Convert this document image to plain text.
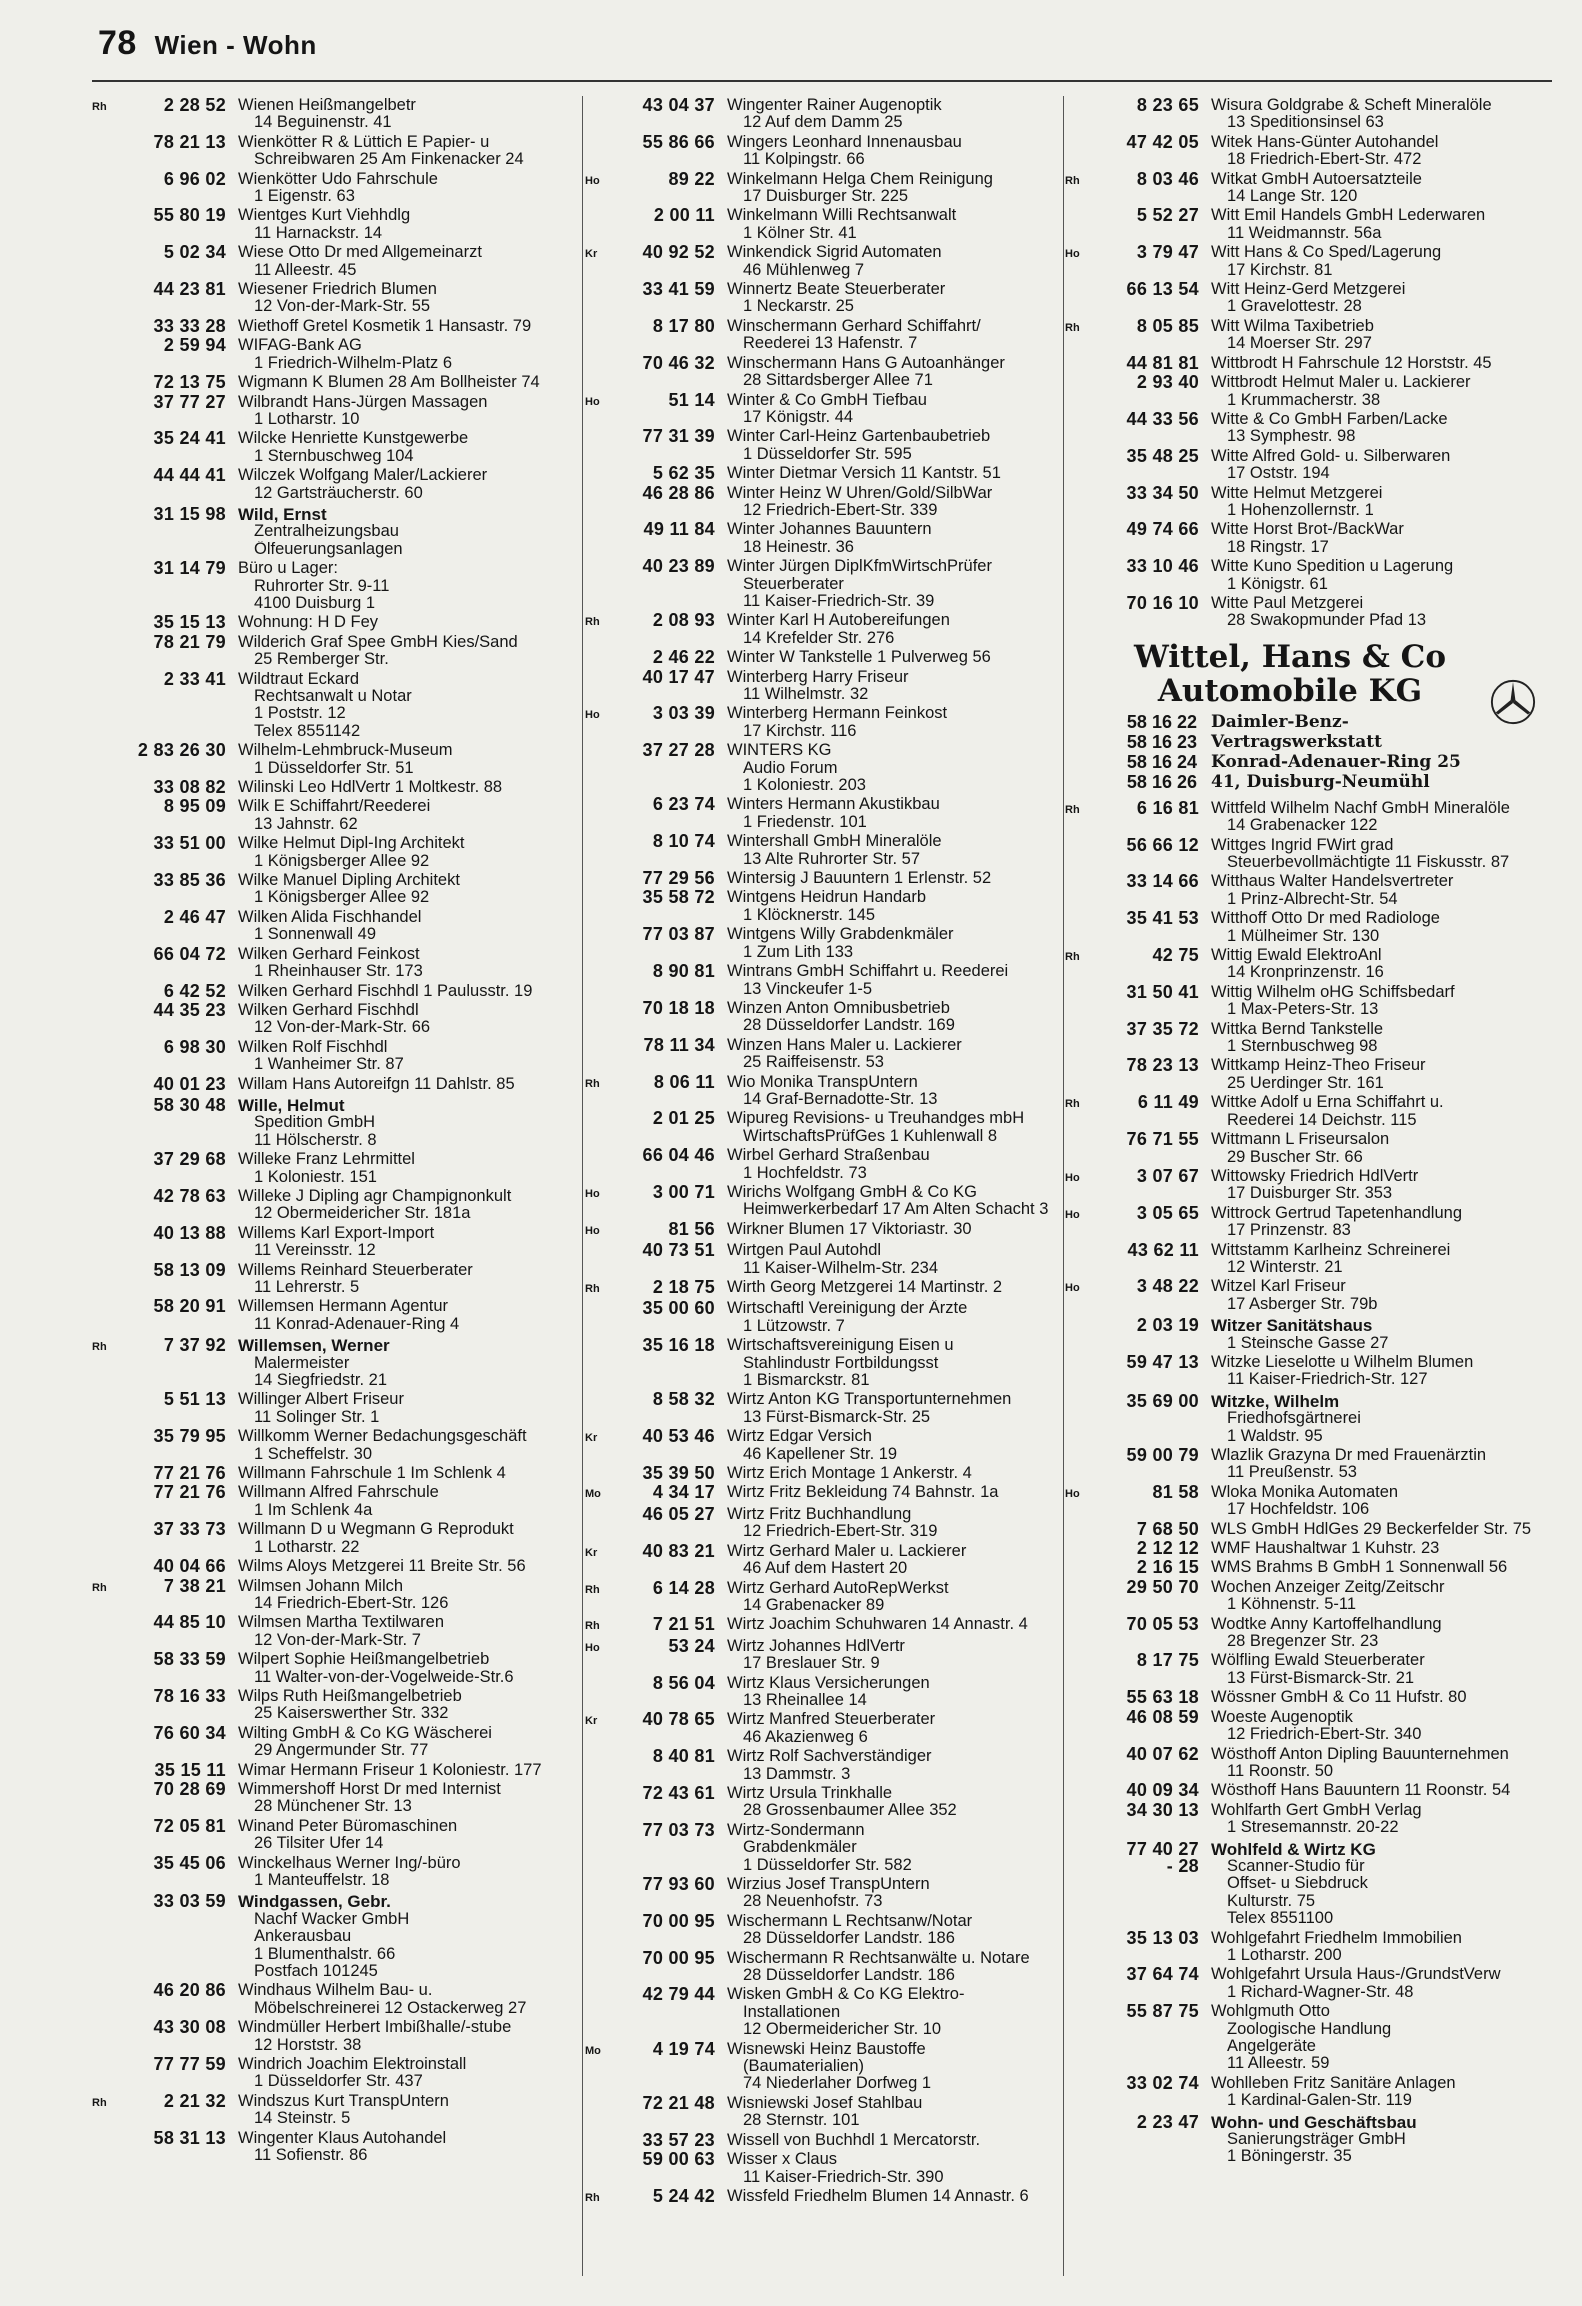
78 Wien - Wohn
Rh	2 28 52 Wienen Heißmangelbetr
14 Beguinenstr. 41
78 21 13 Wienkötter R & Lüttich E Papier- u
Schreibwaren 25 Am Finkenacker 24
6 96 02 Wienkötter Udo Fahrschule
1 Eigenstr. 63
55 80 19 Wientges Kurt Viehhdlg
11 Harnackstr. 14
5 02 34 Wiese Otto Dr med Allgemeinarzt
11 Alleestr. 45
44 23 81 Wiesener Friedrich Blumen
12 Von-der-Mark-Str. 55
33 33 28 Wiethoff Gretel Kosmetik 1 Hansastr. 79
2 59 94 WIFAG-Bank AG
1 Friedrich-Wilhelm-Platz 6
72 13 75 Wigmann K Blumen 28 Am Bollheister 74
37 77 27 Wilbrandt Hans-Jürgen Massagen
1 Lotharstr. 10
35 24 41 Wilcke Henriette Kunstgewerbe
1 Sternbuschweg 104
44 44 41 Wilczek Wolfgang Maler/Lackierer
12 Gartsträucherstr. 60
31 15 98 Wild, Ernst
Zentralheizungsbau
Ölfeuerungsanlagen
31 14 79 Büro u Lager:
Ruhrorter Str. 9-11
4100 Duisburg 1
35 15 13 Wohnung: H D Fey
78 21 79 Wilderich Graf Spee GmbH Kies/Sand
25 Remberger Str.
2 33 41 Wildtraut Eckard
Rechtsanwalt u Notar
1 Poststr. 12
Telex 8551142
2 83 26 30 Wilhelm-Lehmbruck-Museum
1 Düsseldorfer Str. 51
33 08 82 Wilinski Leo HdlVertr 1 Moltkestr. 88
8 95 09 Wilk E Schiffahrt/Reederei
13 Jahnstr. 62
33 51 00 Wilke Helmut Dipl-Ing Architekt
1 Königsberger Allee 92
33 85 36 Wilke Manuel Dipling Architekt
1 Königsberger Allee 92
2 46 47 Wilken Alida Fischhandel
1 Sonnenwall 49
66 04 72 Wilken Gerhard Feinkost
1 Rheinhauser Str. 173
6 42 52 Wilken Gerhard Fischhdl 1 Paulusstr. 19
44 35 23 Wilken Gerhard Fischhdl
12 Von-der-Mark-Str. 66
6 98 30 Wilken Rolf Fischhdl
1 Wanheimer Str. 87
40 01 23 Willam Hans Autoreifgn 11 Dahlstr. 85
58 30 48 Wille, Helmut
Spedition GmbH
11 Hölscherstr. 8
37 29 68 Willeke Franz Lehrmittel
1 Koloniestr. 151
42 78 63 Willeke J Dipling agr Champignonkult
12 Obermeidericher Str. 181a
40 13 88 Willems Karl Export-Import
11 Vereinsstr. 12
58 13 09 Willems Reinhard Steuerberater
11 Lehrerstr. 5
58 20 91 Willemsen Hermann Agentur
11 Konrad-Adenauer-Ring 4
Rh	7 37 92 Willemsen, Werner
Malermeister
14 Siegfriedstr. 21
5 51 13 Willinger Albert Friseur
11 Solinger Str. 1
35 79 95 Willkomm Werner Bedachungsgeschäft
1 Scheffelstr. 30
77 21 76 Willmann Fahrschule 1 Im Schlenk 4
77 21 76 Willmann Alfred Fahrschule
1 Im Schlenk 4a
37 33 73 Willmann D u Wegmann G Reprodukt
1 Lotharstr. 22
40 04 66 Wilms Aloys Metzgerei 11 Breite Str. 56
Rh	7 38 21 Wilmsen Johann Milch
14 Friedrich-Ebert-Str. 126
44 85 10 Wilmsen Martha Textilwaren
12 Von-der-Mark-Str. 7
58 33 59 Wilpert Sophie Heißmangelbetrieb
11 Walter-von-der-Vogelweide-Str.6
78 16 33 Wilps Ruth Heißmangelbetrieb
25 Kaiserswerther Str. 332
76 60 34 Wilting GmbH & Co KG Wäscherei
29 Angermunder Str. 77
35 15 11 Wimar Hermann Friseur 1 Koloniestr. 177
70 28 69 Wimmershoff Horst Dr med Internist
28 Münchener Str. 13
72 05 81 Winand Peter Büromaschinen
26 Tilsiter Ufer 14
35 45 06 Winckelhaus Werner Ing/-büro
1 Manteuffelstr. 18
33 03 59 Windgassen, Gebr.
Nachf Wacker GmbH
Ankerausbau
1 Blumenthalstr. 66
Postfach 101245
46 20 86 Windhaus Wilhelm Bau- u.
Möbelschreinerei 12 Ostackerweg 27
43 30 08 Windmüller Herbert Imbißhalle/-stube
12 Horststr. 38
77 77 59 Windrich Joachim Elektroinstall
1 Düsseldorfer Str. 437
Rh	2 21 32 Windszus Kurt TranspUntern
14 Steinstr. 5
58 31 13 Wingenter Klaus Autohandel
11 Sofienstr. 86
43 04 37 Wingenter Rainer Augenoptik
12 Auf dem Damm 25
55 86 66 Wingers Leonhard Innenausbau
11 Kolpingstr. 66
Ho	89 22 Winkelmann Helga Chem Reinigung
17 Duisburger Str. 225
2 00 11 Winkelmann Willi Rechtsanwalt
1 Kölner Str. 41
Kr	40 92 52 Winkendick Sigrid Automaten
46 Mühlenweg 7
33 41 59 Winnertz Beate Steuerberater
1 Neckarstr. 25
8 17 80 Winschermann Gerhard Schiffahrt/
Reederei 13 Hafenstr. 7
70 46 32 Winschermann Hans G Autoanhänger
28 Sittardsberger Allee 71
Ho	51 14 Winter & Co GmbH Tiefbau
17 Königstr. 44
77 31 39 Winter Carl-Heinz Gartenbaubetrieb
1 Düsseldorfer Str. 595
5 62 35 Winter Dietmar Versich 11 Kantstr. 51
46 28 86 Winter Heinz W Uhren/Gold/SilbWar
12 Friedrich-Ebert-Str. 339
49 11 84 Winter Johannes Bauuntern
18 Heinestr. 36
40 23 89 Winter Jürgen DiplKfmWirtschPrüfer
Steuerberater
11 Kaiser-Friedrich-Str. 39
Rh	2 08 93 Winter Karl H Autobereifungen
14 Krefelder Str. 276
2 46 22 Winter W Tankstelle 1 Pulverweg 56
40 17 47 Winterberg Harry Friseur
11 Wilhelmstr. 32
Ho	3 03 39 Winterberg Hermann Feinkost
17 Kirchstr. 116
37 27 28 WINTERS KG
Audio Forum
1 Koloniestr. 203
6 23 74 Winters Hermann Akustikbau
1 Friedenstr. 101
8 10 74 Wintershall GmbH Mineralöle
13 Alte Ruhrorter Str. 57
77 29 56 Wintersig J Bauuntern 1 Erlenstr. 52
35 58 72 Wintgens Heidrun Handarb
1 Klöcknerstr. 145
77 03 87 Wintgens Willy Grabdenkmäler
1 Zum Lith 133
8 90 81 Wintrans GmbH Schiffahrt u. Reederei
13 Vinckeufer 1-5
70 18 18 Winzen Anton Omnibusbetrieb
28 Düsseldorfer Landstr. 169
78 11 34 Winzen Hans Maler u. Lackierer
25 Raiffeisenstr. 53
Rh	8 06 11 Wio Monika TranspUntern
14 Graf-Bernadotte-Str. 13
2 01 25 Wipureg Revisions- u Treuhandges mbH
WirtschaftsPrüfGes 1 Kuhlenwall 8
66 04 46 Wirbel Gerhard Straßenbau
1 Hochfeldstr. 73
Ho	3 00 71 Wirichs Wolfgang GmbH & Co KG
Heimwerkerbedarf 17 Am Alten Schacht 3
Ho	81 56 Wirkner Blumen 17 Viktoriastr. 30
40 73 51 Wirtgen Paul Autohdl
11 Kaiser-Wilhelm-Str. 234
Rh	2 18 75 Wirth Georg Metzgerei 14 Martinstr. 2
35 00 60 Wirtschaftl Vereinigung der Ärzte
1 Lützowstr. 7
35 16 18 Wirtschaftsvereinigung Eisen u
Stahlindustr Fortbildungsst
1 Bismarckstr. 81
8 58 32 Wirtz Anton KG Transportunternehmen
13 Fürst-Bismarck-Str. 25
Kr	40 53 46 Wirtz Edgar Versich
46 Kapellener Str. 19
35 39 50 Wirtz Erich Montage 1 Ankerstr. 4
Mo	4 34 17 Wirtz Fritz Bekleidung 74 Bahnstr. 1a
46 05 27 Wirtz Fritz Buchhandlung
12 Friedrich-Ebert-Str. 319
Kr	40 83 21 Wirtz Gerhard Maler u. Lackierer
46 Auf dem Hastert 20
Rh	6 14 28 Wirtz Gerhard AutoRepWerkst
14 Grabenacker 89
Rh	7 21 51 Wirtz Joachim Schuhwaren 14 Annastr. 4
Ho	53 24 Wirtz Johannes HdlVertr
17 Breslauer Str. 9
8 56 04 Wirtz Klaus Versicherungen
13 Rheinallee 14
Kr	40 78 65 Wirtz Manfred Steuerberater
46 Akazienweg 6
8 40 81 Wirtz Rolf Sachverständiger
13 Dammstr. 3
72 43 61 Wirtz Ursula Trinkhalle
28 Grossenbaumer Allee 352
77 03 73 Wirtz-Sondermann
Grabdenkmäler
1 Düsseldorfer Str. 582
77 93 60 Wirzius Josef TranspUntern
28 Neuenhofstr. 73
70 00 95 Wischermann L Rechtsanw/Notar
28 Düsseldorfer Landstr. 186
70 00 95 Wischermann R Rechtsanwälte u. Notare
28 Düsseldorfer Landstr. 186
42 79 44 Wisken GmbH & Co KG Elektro-
Installationen
12 Obermeidericher Str. 10
Mo	4 19 74 Wisnewski Heinz Baustoffe
(Baumaterialien)
74 Niederlaher Dorfweg 1
72 21 48 Wisniewski Josef Stahlbau
28 Sternstr. 101
33 57 23 Wissell von Buchhdl 1 Mercatorstr.
59 00 63 Wisser x Claus
11 Kaiser-Friedrich-Str. 390
Rh	5 24 42 Wissfeld Friedhelm Blumen 14 Annastr. 6
8 23 65 Wisura Goldgrabe & Scheft Mineralöle
13 Speditionsinsel 63
47 42 05 Witek Hans-Günter Autohandel
18 Friedrich-Ebert-Str. 472
Rh	8 03 46 Witkat GmbH Autoersatzteile
14 Lange Str. 120
5 52 27 Witt Emil Handels GmbH Lederwaren
11 Weidmannstr. 56a
Ho	3 79 47 Witt Hans & Co Sped/Lagerung
17 Kirchstr. 81
66 13 54 Witt Heinz-Gerd Metzgerei
1 Gravelottestr. 28
Rh	8 05 85 Witt Wilma Taxibetrieb
14 Moerser Str. 297
44 81 81 Wittbrodt H Fahrschule 12 Horststr. 45
2 93 40 Wittbrodt Helmut Maler u. Lackierer
1 Krummacherstr. 38
44 33 56 Witte & Co GmbH Farben/Lacke
13 Symphestr. 98
35 48 25 Witte Alfred Gold- u. Silberwaren
17 Oststr. 194
33 34 50 Witte Helmut Metzgerei
1 Hohenzollernstr. 1
49 74 66 Witte Horst Brot-/BackWar
18 Ringstr. 17
33 10 46 Witte Kuno Spedition u Lagerung
1 Königstr. 61
70 16 10 Witte Paul Metzgerei
28 Swakopmunder Pfad 13
Wittel, Hans & Co
Automobile KG
58 16 22 Daimler-Benz-
58 16 23 Vertragswerkstatt
58 16 24 Konrad-Adenauer-Ring 25
58 16 26 41, Duisburg-Neumühl
Rh	6 16 81 Wittfeld Wilhelm Nachf GmbH Mineralöle
14 Grabenacker 122
56 66 12 Wittges Ingrid FWirt grad
Steuerbevollmächtigte 11 Fiskusstr. 87
33 14 66 Witthaus Walter Handelsvertreter
1 Prinz-Albrecht-Str. 54
35 41 53 Witthoff Otto Dr med Radiologe
1 Mülheimer Str. 130
Rh	42 75 Wittig Ewald ElektroAnl
14 Kronprinzenstr. 16
31 50 41 Wittig Wilhelm oHG Schiffsbedarf
1 Max-Peters-Str. 13
37 35 72 Wittka Bernd Tankstelle
1 Sternbuschweg 98
78 23 13 Wittkamp Heinz-Theo Friseur
25 Uerdinger Str. 161
Rh	6 11 49 Wittke Adolf u Erna Schiffahrt u.
Reederei 14 Deichstr. 115
76 71 55 Wittmann L Friseursalon
29 Buscher Str. 66
Ho	3 07 67 Wittowsky Friedrich HdlVertr
17 Duisburger Str. 353
Ho	3 05 65 Wittrock Gertrud Tapetenhandlung
17 Prinzenstr. 83
43 62 11 Wittstamm Karlheinz Schreinerei
12 Winterstr. 21
Ho	3 48 22 Witzel Karl Friseur
17 Asberger Str. 79b
2 03 19 Witzer Sanitätshaus
1 Steinsche Gasse 27
59 47 13 Witzke Lieselotte u Wilhelm Blumen
11 Kaiser-Friedrich-Str. 127
35 69 00 Witzke, Wilhelm
Friedhofsgärtnerei
1 Waldstr. 95
59 00 79 Wlazlik Grazyna Dr med Frauenärztin
11 Preußenstr. 53
Ho	81 58 Wloka Monika Automaten
17 Hochfeldstr. 106
7 68 50 WLS GmbH HdlGes 29 Beckerfelder Str. 75
2 12 12 WMF Haushaltwar 1 Kuhstr. 23
2 16 15 WMS Brahms B GmbH 1 Sonnenwall 56
29 50 70 Wochen Anzeiger Zeitg/Zeitschr
1 Köhnenstr. 5-11
70 05 53 Wodtke Anny Kartoffelhandlung
28 Bregenzer Str. 23
8 17 75 Wölfling Ewald Steuerberater
13 Fürst-Bismarck-Str. 21
55 63 18 Wössner GmbH & Co 11 Hufstr. 80
46 08 59 Woeste Augenoptik
12 Friedrich-Ebert-Str. 340
40 07 62 Wösthoff Anton Dipling Bauunternehmen
11 Roonstr. 50
40 09 34 Wösthoff Hans Bauuntern 11 Roonstr. 54
34 30 13 Wohlfarth Gert GmbH Verlag
1 Stresemannstr. 20-22
77 40 27
- 28
Wohlfeld & Wirtz KG
Scanner-Studio für
Offset- u Siebdruck
Kulturstr. 75
Telex 8551100
35 13 03 Wohlgefahrt Friedhelm Immobilien
1 Lotharstr. 200
37 64 74 Wohlgefahrt Ursula Haus-/GrundstVerw
1 Richard-Wagner-Str. 48
55 87 75 Wohlgmuth Otto
Zoologische Handlung
Angelgeräte
11 Alleestr. 59
33 02 74 Wohlleben Fritz Sanitäre Anlagen
1 Kardinal-Galen-Str. 119
2 23 47 Wohn- und Geschäftsbau
Sanierungsträger GmbH
1 Böningerstr. 35
